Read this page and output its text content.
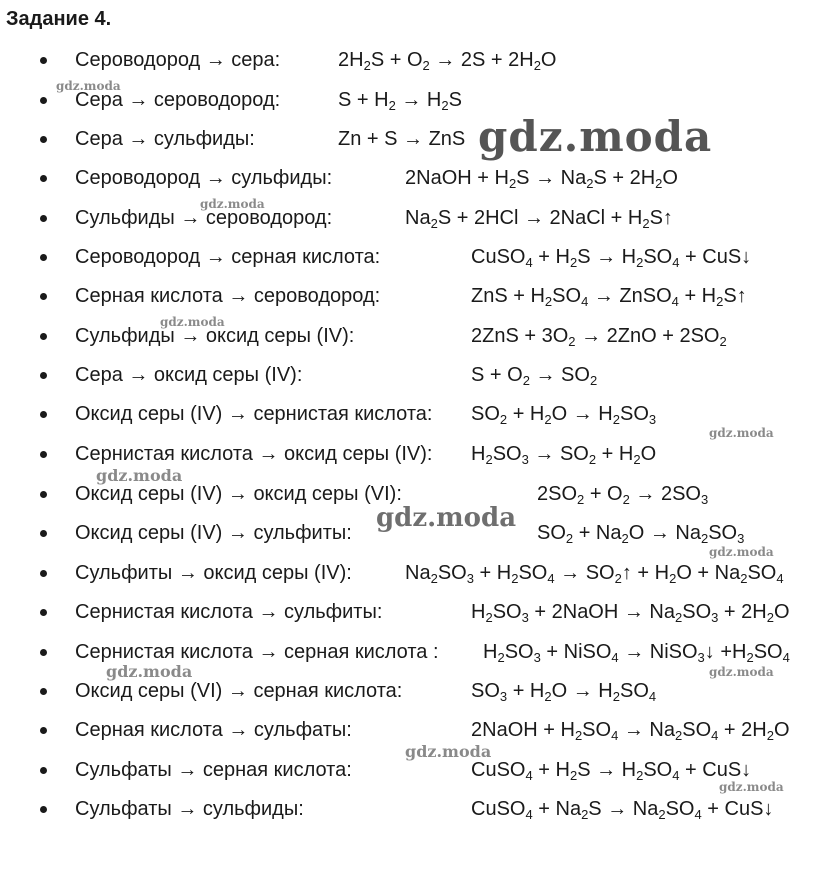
Задание 4.
Сероводород → сера:	$2H_2S + O_2 \to 2S + 2H_2O$
Сера → сероводород:	$S + H_2 \to H_2S$
Сера → сульфиды:	Zn + S → ZnS
Сероводород → сульфиды:	2NaOH + $H_2S \to Na_2S + 2H_2O$
Сульфиды → сероводород:	$Na_2S + 2HCl$ → 2NaCl + $H_2S↑$
Сероводород → серная кислота:	CuSO$_4$ + $H_2S \to H_2SO_4$ + CuS↓
Серная кислота → сероводород:	ZnS + $H_2SO_4$ → ZnSO$_4$ + $H_2S↑$
Сульфиды → оксид серы (IV):	$2ZnS + 3O_2 \to 2ZnO + 2SO_2$
Сера → оксид серы (IV):	$S + O_2 \to SO_2$
Оксид серы (IV) → сернистая кислота: $SO_2 + H_2O \to H_2SO_3$
Сернистая кислота → оксид серы (IV): $H_2SO_3 \to SO_2 + H_2O$
Оксид серы (IV) → оксид серы (VI):	$2SO_2 + O_2 \to 2SO_3$
Оксид серы (IV) → сульфиты:	$SO_2 + Na_2O \to Na_2SO_3$
Сульфиты → оксид серы (IV):	$Na_2SO_3 + H_2SO_4$ → $SO_2↑ + H_2O + Na_2SO_4$
Сернистая кислота → сульфиты:	$H_2SO_3$ + 2NaOH → $Na_2SO_3 + 2H_2O$
Сернистая кислота → серная кислота : $H_2SO_3$ + NiSO$_4$ → NiSO$_3$↓ $+H_2SO_4$
Оксид серы (VI) → серная кислота:	$SO_3 + H_2O \to H_2SO_4$
Серная кислота → сульфаты:	2NaOH + $H_2SO_4 \to Na_2SO_4 + 2H_2O$
Сульфаты → серная кислота:	CuSO$_4$ + $H_2S \to H_2SO_4$ + CuS↓
Сульфаты → сульфиды:	CuSO$_4$ + $Na_2S \to Na_2SO_4$ + CuS↓
gdz.moda
gdz.moda
gdz.moda
gdz.moda
gdz.moda
gdz.moda
gdz.moda
gdz.moda
gdz.moda	gdz.moda
gdz.moda
gdz.moda
